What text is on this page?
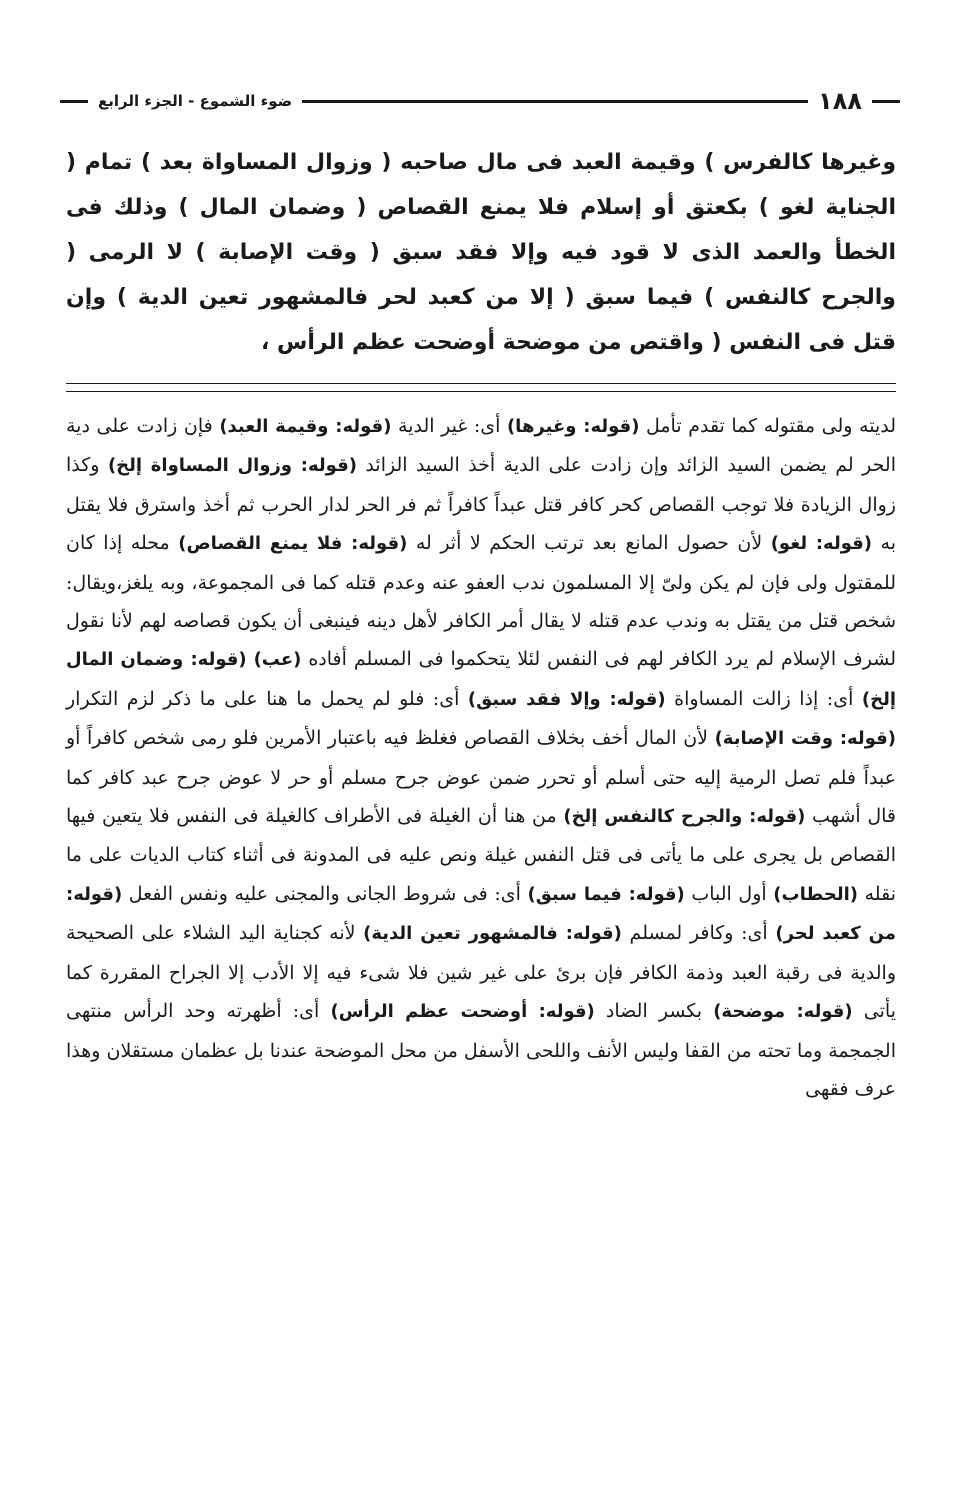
١٨٨
ضوء الشموع - الجزء الرابع

وغيرها كالفرس ) وقيمة العبد فى مال صاحبه ( وزوال المساواة بعد ) تمام ( الجناية لغو ) بكعتق أو إسلام فلا يمنع القصاص ( وضمان المال ) وذلك فى الخطأ والعمد الذى لا قود فيه وإلا فقد سبق ( وقت الإصابة ) لا الرمى ( والجرح كالنفس ) فيما سبق ( إلا من كعبد لحر فالمشهور تعين الدية ) وإن قتل فى النفس ( واقتص من موضحة أوضحت عظم الرأس ،

لديته ولى مقتوله كما تقدم تأمل (قوله: وغيرها) أى: غير الدية (قوله: وقيمة العبد) فإن زادت على دية الحر لم يضمن السيد الزائد وإن زادت على الدية أخذ السيد الزائد (قوله: وزوال المساواة إلخ) وكذا زوال الزيادة فلا توجب القصاص كحر كافر قتل عبداً كافراً ثم فر الحر لدار الحرب ثم أخذ واسترق فلا يقتل به (قوله: لغو) لأن حصول المانع بعد ترتب الحكم لا أثر له (قوله: فلا يمنع القصاص) محله إذا كان للمقتول ولى فإن لم يكن ولىّ إلا المسلمون ندب العفو عنه وعدم قتله كما فى المجموعة، وبه يلغز،ويقال: شخص قتل من يقتل به وندب عدم قتله لا يقال أمر الكافر لأهل دينه فينبغى أن يكون قصاصه لهم لأنا نقول لشرف الإسلام لم يرد الكافر لهم فى النفس لئلا يتحكموا فى المسلم أفاده (عب) (قوله: وضمان المال إلخ) أى: إذا زالت المساواة (قوله: وإلا فقد سبق) أى: فلو لم يحمل ما هنا على ما ذكر لزم التكرار (قوله: وقت الإصابة) لأن المال أخف بخلاف القصاص فغلظ فيه باعتبار الأمرين فلو رمى شخص كافراً أو عبداً فلم تصل الرمية إليه حتى أسلم أو تحرر ضمن عوض جرح مسلم أو حر لا عوض جرح عبد كافر كما قال أشهب (قوله: والجرح كالنفس إلخ) من هنا أن الغيلة فى الأطراف كالغيلة فى النفس فلا يتعين فيها القصاص بل يجرى على ما يأتى فى قتل النفس غيلة ونص عليه فى المدونة فى أثناء كتاب الديات على ما نقله (الحطاب) أول الباب (قوله: فيما سبق) أى: فى شروط الجانى والمجنى عليه ونفس الفعل (قوله: من كعبد لحر) أى: وكافر لمسلم (قوله: فالمشهور تعين الدية) لأنه كجناية اليد الشلاء على الصحيحة والدية فى رقبة العبد وذمة الكافر فإن برئ على غير شين فلا شىء فيه إلا الأدب إلا الجراح المقررة كما يأتى (قوله: موضحة) بكسر الضاد (قوله: أوضحت عظم الرأس) أى: أظهرته وحد الرأس منتهى الجمجمة وما تحته من القفا وليس الأنف واللحى الأسفل من محل الموضحة عندنا بل عظمان مستقلان وهذا عرف فقهى
